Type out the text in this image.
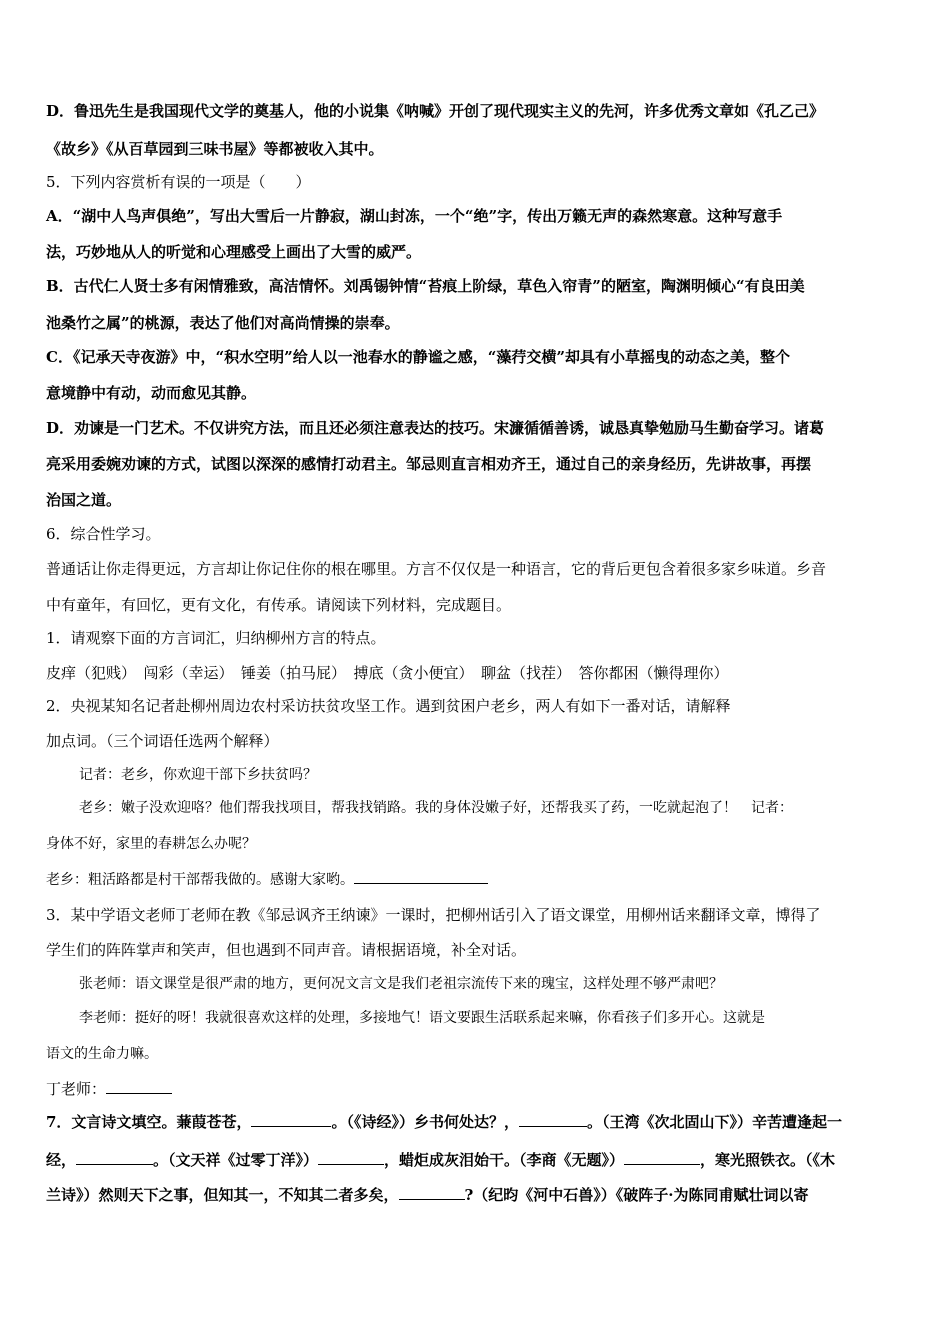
D．鲁迅先生是我国现代文学的奠基人，他的小说集《呐喊》开创了现代现实主义的先河，许多优秀文章如《孔乙己》
《故乡》《从百草园到三味书屋》等都被收入其中。
5．下列内容赏析有误的一项是（　　）
A．“湖中人鸟声俱绝”，写出大雪后一片静寂，湖山封冻，一个“绝”字，传出万籁无声的森然寒意。这种写意手
法，巧妙地从人的听觉和心理感受上画出了大雪的威严。
B．古代仁人贤士多有闲情雅致，高洁情怀。刘禹锡钟情“苔痕上阶绿，草色入帘青”的陋室，陶渊明倾心“有良田美
池桑竹之属”的桃源，表达了他们对高尚情操的崇奉。
C．《记承天寺夜游》中，“积水空明”给人以一池春水的静谧之感，“藻荇交横”却具有小草摇曳的动态之美，整个
意境静中有动，动而愈见其静。
D．劝谏是一门艺术。不仅讲究方法，而且还必须注意表达的技巧。宋濂循循善诱，诚恳真挚勉励马生勤奋学习。诸葛
亮采用委婉劝谏的方式，试图以深深的感情打动君主。邹忌则直言相劝齐王，通过自己的亲身经历，先讲故事，再摆
治国之道。
6．综合性学习。
普通话让你走得更远，方言却让你记住你的根在哪里。方言不仅仅是一种语言，它的背后更包含着很多家乡味道。乡音
中有童年，有回忆，更有文化，有传承。请阅读下列材料，完成题目。
1．请观察下面的方言词汇，归纳柳州方言的特点。
皮痒（犯贱）　闯彩（幸运）　锤姜（拍马屁）　搏底（贪小便宜）　聊盆（找茬）　答你都困（懒得理你）
2．央视某知名记者赴柳州周边农村采访扶贫攻坚工作。遇到贫困户老乡，两人有如下一番对话，请解释
加点词。（三个词语任选两个解释）
记者：老乡，你欢迎干部下乡扶贫吗？
老乡：嫩子没欢迎咯？他们帮我找项目，帮我找销路。我的身体没嫩子好，还帮我买了药，一吃就起泡了！　记者：
身体不好，家里的春耕怎么办呢？
老乡：粗活路都是村干部帮我做的。感谢大家哟。
3．某中学语文老师丁老师在教《邹忌讽齐王纳谏》一课时，把柳州话引入了语文课堂，用柳州话来翻译文章，博得了
学生们的阵阵掌声和笑声，但也遇到不同声音。请根据语境，补全对话。
张老师：语文课堂是很严肃的地方，更何况文言文是我们老祖宗流传下来的瑰宝，这样处理不够严肃吧？
李老师：挺好的呀！我就很喜欢这样的处理，多接地气！语文要跟生活联系起来嘛，你看孩子们多开心。这就是
语文的生命力嘛。
丁老师：
7．文言诗文填空。蒹葭苍苍，	。（《诗经》）乡书何处达？，	。（王湾《次北固山下》）辛苦遭逢起一
经，	。（文天祥《过零丁洋》）	，蜡炬成灰泪始干。（李商《无题》）	，寒光照铁衣。（《木
兰诗》）然则天下之事，但知其一，不知其二者多矣，	?（纪昀《河中石兽》）《破阵子·为陈同甫赋壮词以寄
